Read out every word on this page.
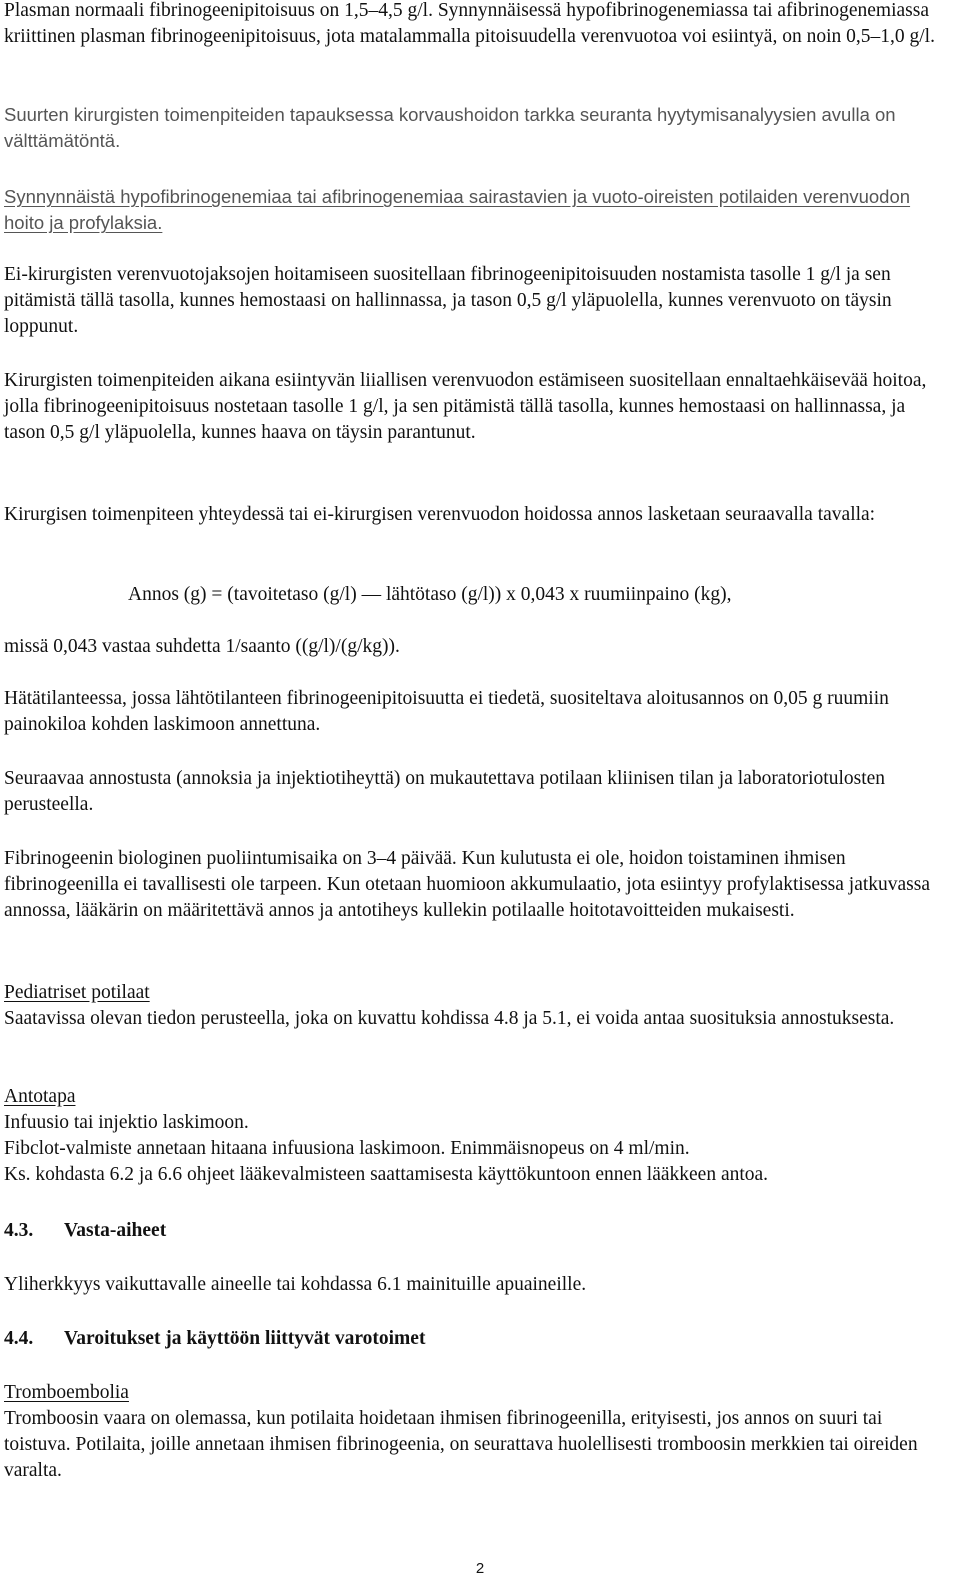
Plasman normaali fibrinogeenipitoisuus on 1,5–4,5 g/l. Synnynnäisessä hypofibrinogenemiassa tai afibrinogenemiassa kriittinen plasman fibrinogeenipitoisuus, jota matalammalla pitoisuudella verenvuotoa voi esiintyä, on noin 0,5–1,0 g/l.

Suurten kirurgisten toimenpiteiden tapauksessa korvaushoidon tarkka seuranta hyytymisanalyysien avulla on välttämätöntä.

Synnynnäistä hypofibrinogenemiaa tai afibrinogenemiaa sairastavien ja vuoto-oireisten potilaiden verenvuodon hoito ja profylaksia.

Ei-kirurgisten verenvuotojaksojen hoitamiseen suositellaan fibrinogeenipitoisuuden nostamista tasolle 1 g/l ja sen pitämistä tällä tasolla, kunnes hemostaasi on hallinnassa, ja tason 0,5 g/l yläpuolella, kunnes verenvuoto on täysin loppunut.

Kirurgisten toimenpiteiden aikana esiintyvän liiallisen verenvuodon estämiseen suositellaan ennaltaehkäisevää hoitoa, jolla fibrinogeenipitoisuus nostetaan tasolle 1 g/l, ja sen pitämistä tällä tasolla, kunnes hemostaasi on hallinnassa, ja tason 0,5 g/l yläpuolella, kunnes haava on täysin parantunut.

Kirurgisen toimenpiteen yhteydessä tai ei-kirurgisen verenvuodon hoidossa annos lasketaan seuraavalla tavalla:

Annos (g) = (tavoitetaso (g/l) — lähtötaso (g/l)) x 0,043 x ruumiinpaino (kg),

missä 0,043 vastaa suhdetta 1/saanto ((g/l)/(g/kg)).

Hätätilanteessa, jossa lähtötilanteen fibrinogeenipitoisuutta ei tiedetä, suositeltava aloitusannos on 0,05 g ruumiin painokiloa kohden laskimoon annettuna.

Seuraavaa annostusta (annoksia ja injektiotiheyttä) on mukautettava potilaan kliinisen tilan ja laboratoriotulosten perusteella.

Fibrinogeenin biologinen puoliintumisaika on 3–4 päivää. Kun kulutusta ei ole, hoidon toistaminen ihmisen fibrinogeenilla ei tavallisesti ole tarpeen. Kun otetaan huomioon akkumulaatio, jota esiintyy profylaktisessa jatkuvassa annossa, lääkärin on määritettävä annos ja antotiheys kullekin potilaalle hoitotavoitteiden mukaisesti.

Pediatriset potilaat

Saatavissa olevan tiedon perusteella, joka on kuvattu kohdissa 4.8 ja 5.1, ei voida antaa suosituksia annostuksesta.

Antotapa

Infuusio tai injektio laskimoon.

Fibclot-valmiste annetaan hitaana infuusiona laskimoon. Enimmäisnopeus on 4 ml/min.

Ks. kohdasta 6.2 ja 6.6 ohjeet lääkevalmisteen saattamisesta käyttökuntoon ennen lääkkeen antoa.

4.3. Vasta-aiheet

Yliherkkyys vaikuttavalle aineelle tai kohdassa 6.1 mainituille apuaineille.

4.4. Varoitukset ja käyttöön liittyvät varotoimet

Tromboembolia

Tromboosin vaara on olemassa, kun potilaita hoidetaan ihmisen fibrinogeenilla, erityisesti, jos annos on suuri tai toistuva. Potilaita, joille annetaan ihmisen fibrinogeenia, on seurattava huolellisesti tromboosin merkkien tai oireiden varalta.

2
